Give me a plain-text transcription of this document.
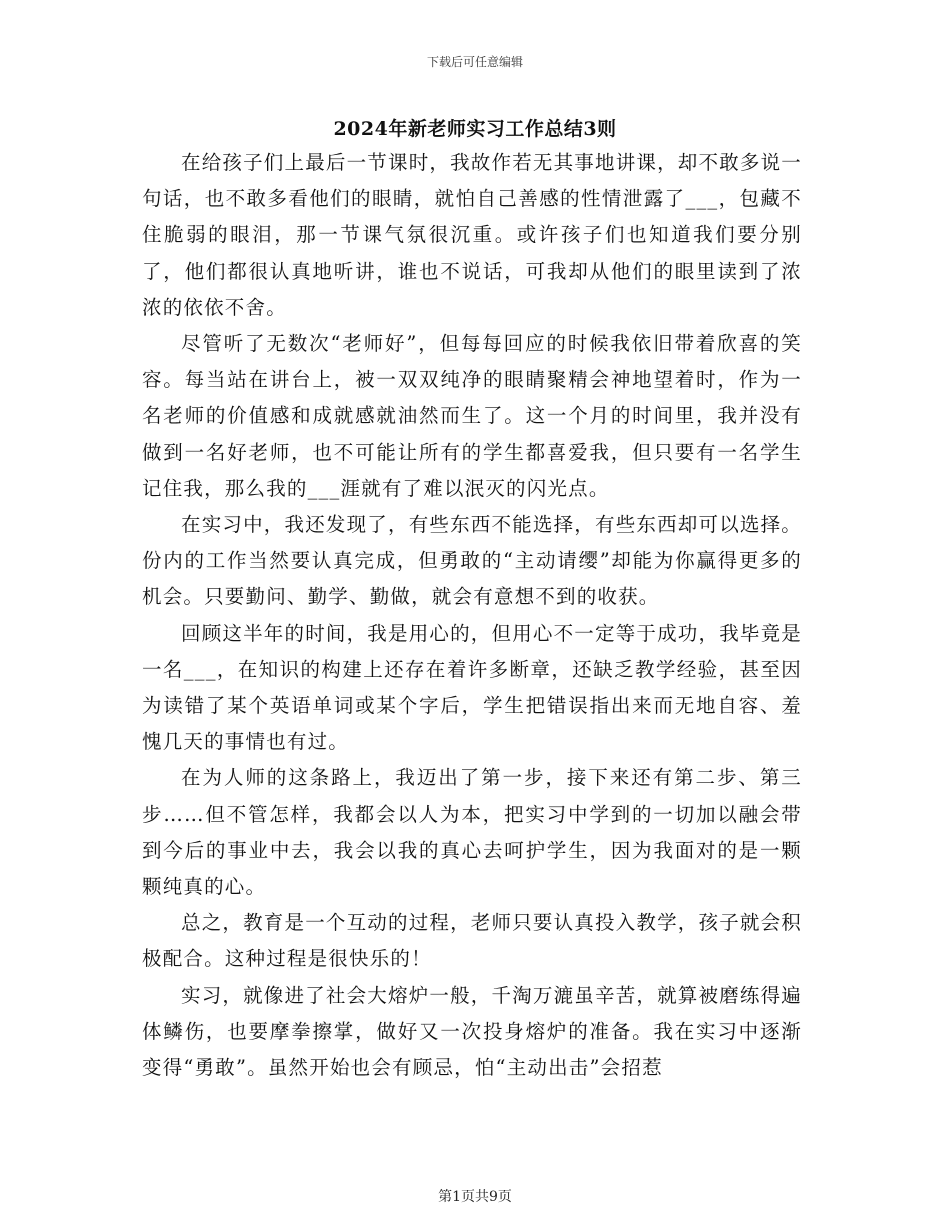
下载后可任意编辑
2024年新老师实习工作总结3则

在给孩子们上最后一节课时，我故作若无其事地讲课，却不敢多说一句话，也不敢多看他们的眼睛，就怕自己善感的性情泄露了___，包藏不住脆弱的眼泪，那一节课气氛很沉重。或许孩子们也知道我们要分别了，他们都很认真地听讲，谁也不说话，可我却从他们的眼里读到了浓浓的依依不舍。

尽管听了无数次“老师好”，但每每回应的时候我依旧带着欣喜的笑容。每当站在讲台上，被一双双纯净的眼睛聚精会神地望着时，作为一名老师的价值感和成就感就油然而生了。这一个月的时间里，我并没有做到一名好老师，也不可能让所有的学生都喜爱我，但只要有一名学生记住我，那么我的___涯就有了难以泯灭的闪光点。

在实习中，我还发现了，有些东西不能选择，有些东西却可以选择。份内的工作当然要认真完成，但勇敢的“主动请缨”却能为你赢得更多的机会。只要勤问、勤学、勤做，就会有意想不到的收获。

回顾这半年的时间，我是用心的，但用心不一定等于成功，我毕竟是一名___，在知识的构建上还存在着许多断章，还缺乏教学经验，甚至因为读错了某个英语单词或某个字后，学生把错误指出来而无地自容、羞愧几天的事情也有过。

在为人师的这条路上，我迈出了第一步，接下来还有第二步、第三步……但不管怎样，我都会以人为本，把实习中学到的一切加以融会带到今后的事业中去，我会以我的真心去呵护学生，因为我面对的是一颗颗纯真的心。

总之，教育是一个互动的过程，老师只要认真投入教学，孩子就会积极配合。这种过程是很快乐的！

实习，就像进了社会大熔炉一般，千淘万漉虽辛苦，就算被磨练得遍体鳞伤，也要摩拳擦掌，做好又一次投身熔炉的准备。我在实习中逐渐变得“勇敢”。虽然开始也会有顾忌，怕“主动出击”会招惹

第1页共9页
